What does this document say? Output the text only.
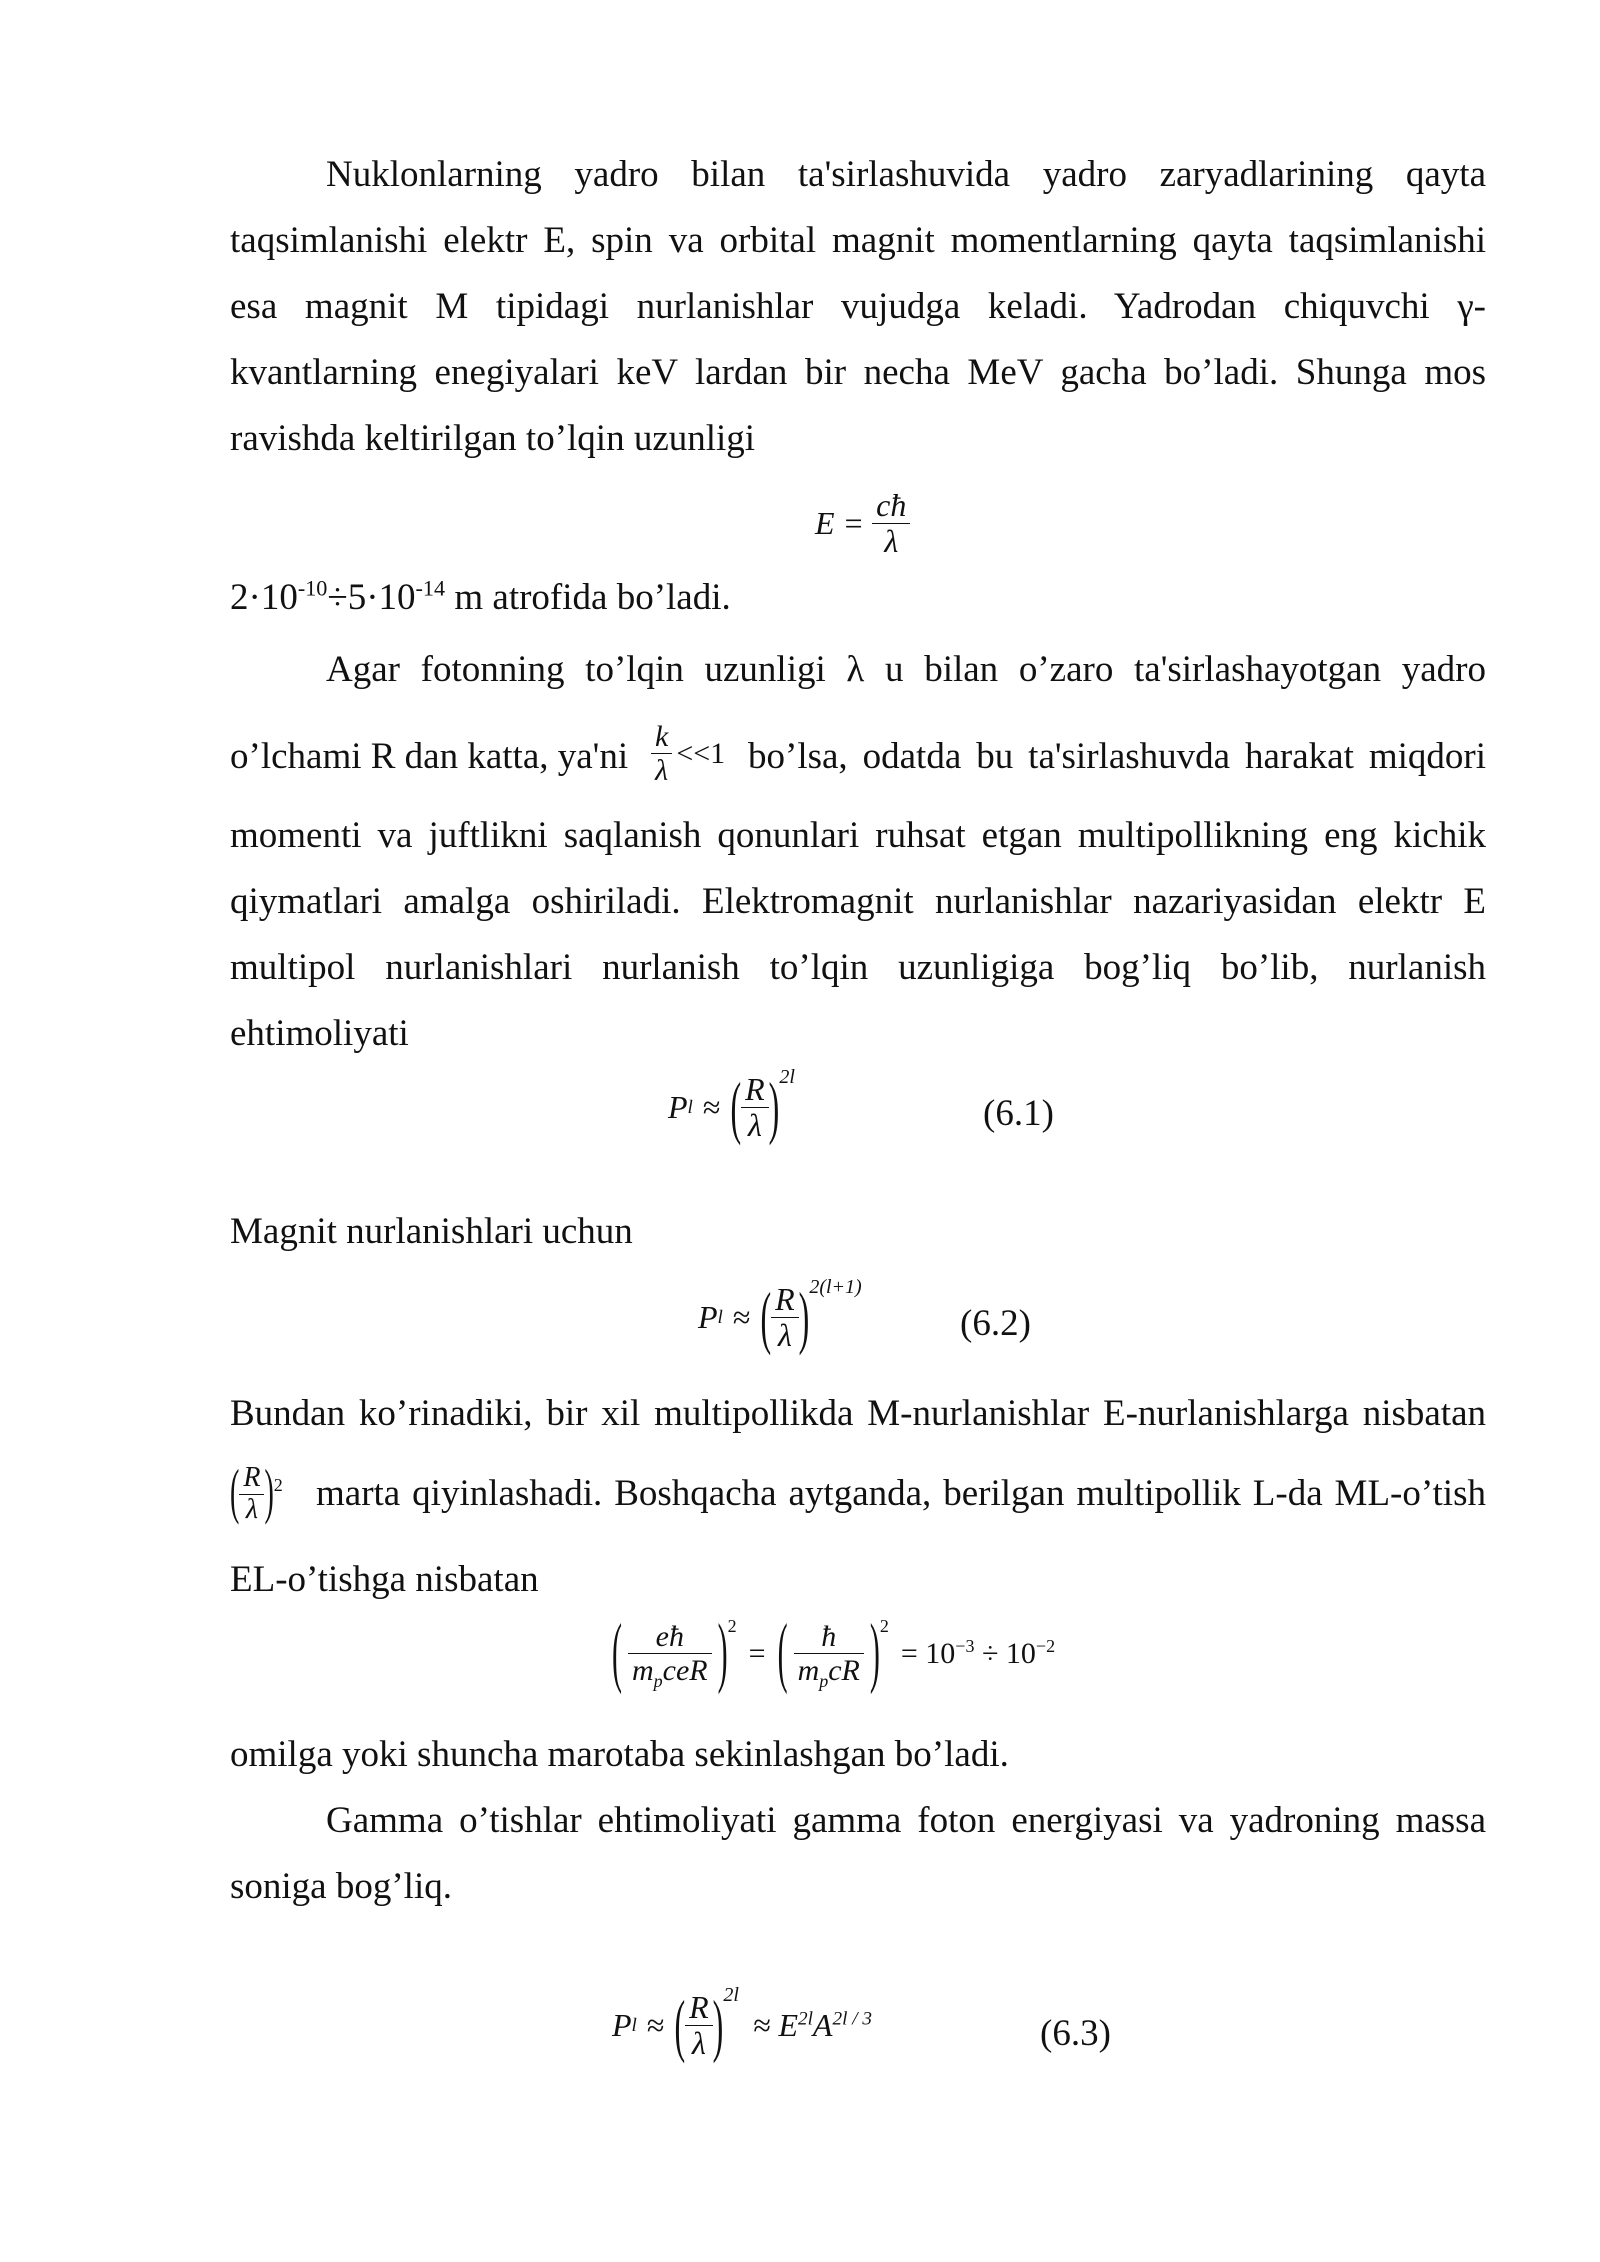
Nuklonlarning yadro bilan ta'sirlashuvida yadro zaryadlarining qayta
taqsimlanishi elektr E, spin va orbital magnit momentlarning qayta taqsimlanishi
esa magnit M tipidagi nurlanishlar vujudga keladi. Yadrodan chiquvchi γ-
kvantlarning enegiyalari keV lardan bir necha MeV gacha bo’ladi. Shunga mos
ravishda keltirilgan to’lqin uzunligi
$E = \frac{cħ}{\lambda}$
$2\cdot 10^{-10}\div 5\cdot 10^{-14}$ m atrofida bo’ladi.
Agar fotonning to’lqin uzunligi λ u bilan o’zaro ta'sirlashayotgan yadro
o’lchami R dan katta, $ya'ni \frac{k}{\lambda} <<1$ bo’lsa, odatda bu ta'sirlashuvda harakat miqdori
momenti va juftlikni saqlanish qonunlari ruhsat etgan multipollikning eng kichik
qiymatlari amalga oshiriladi. Elektromagnit nurlanishlar nazariyasidan elektr E
multipol nurlanishlari nurlanish to’lqin uzunligiga bog’liq bo’lib, nurlanish
ehtimoliyati
P l ≈ ( $\frac{R}{\lambda}$ ) 2l
(6.1)
Magnit nurlanishlari uchun
P l ≈ ( $\frac{R}{\lambda}$ ) 2(l+1)
(6.2)
Bundan ko’rinadiki, bir xil multipollikda M-nurlanishlar E-nurlanishlarga nisbatan
( $\frac{R}{\lambda}$ ) 2 marta qiyinlashadi. Boshqacha aytganda, berilgan multipollik L-da ML-o’tish
EL-o’tishga nisbatan
( $\frac{eħ}{m_pceR}$ ) 2
= ( $\frac{ħ}{m_pcR}$ ) 2
= $10^{-3} \div 10^{-2}$
omilga yoki shuncha marotaba sekinlashgan bo’ladi.
Gamma o’tishlar ehtimoliyati gamma foton energiyasi va yadroning massa
soniga bog’liq.
P l ≈ ( $\frac{R}{\lambda}$ ) 2l
≈ $E^{2l}A^{2l / 3}$	(6.3)
